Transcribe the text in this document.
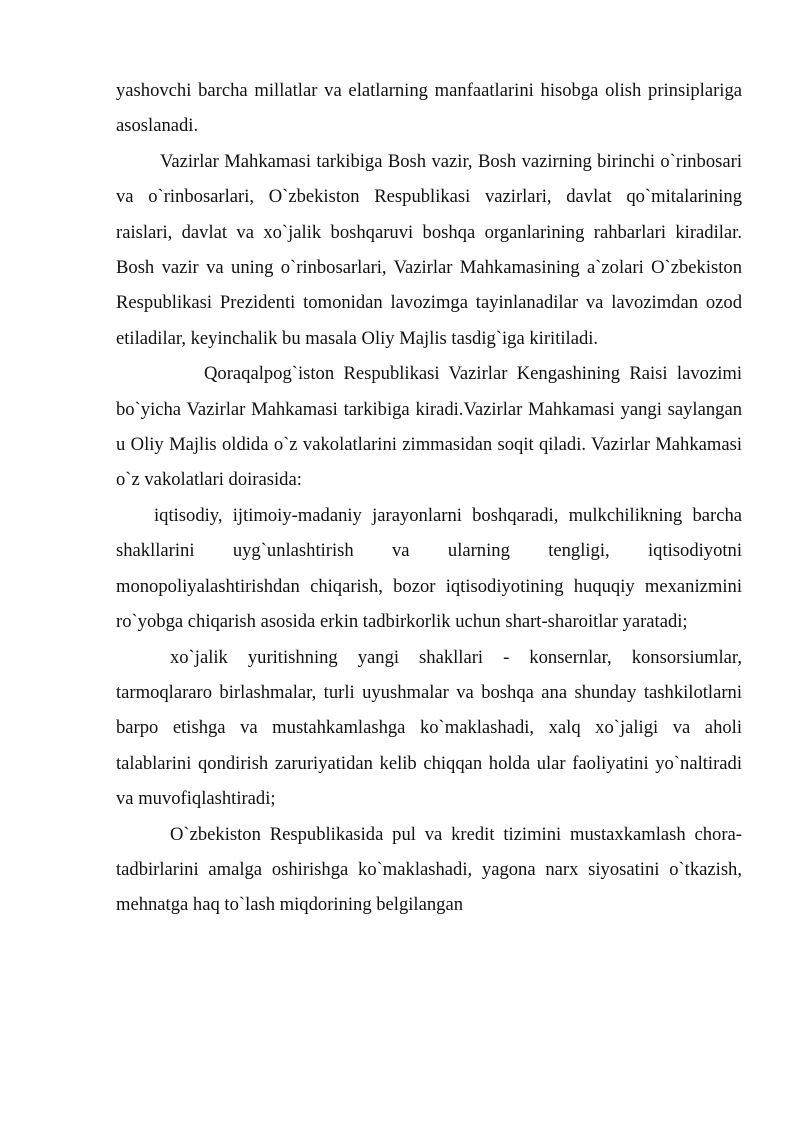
yashovchi barcha millatlar va elatlarning manfaatlarini hisobga olish prinsiplariga asoslanadi.

Vazirlar Mahkamasi tarkibiga Bosh vazir, Bosh vazirning birinchi o`rinbosari va o`rinbosarlari, O`zbekiston Respublikasi vazirlari, davlat qo`mitalarining raislari, davlat va xo`jalik boshqaruvi boshqa organlarining rahbarlari kiradilar. Bosh vazir va uning o`rinbosarlari, Vazirlar Mahkamasining a`zolari O`zbekiston Respublikasi Prezidenti tomonidan lavozimga tayinlanadilar va lavozimdan ozod etiladilar, keyinchalik bu masala Oliy Majlis tasdig`iga kiritiladi.

Qoraqalpog`iston Respublikasi Vazirlar Kengashining Raisi lavozimi bo`yicha Vazirlar Mahkamasi tarkibiga kiradi.Vazirlar Mahkamasi yangi saylangan u Oliy Majlis oldida o`z vakolatlarini zimmasidan soqit qiladi. Vazirlar Mahkamasi o`z vakolatlari doirasida:

iqtisodiy, ijtimoiy-madaniy jarayonlarni boshqaradi, mulkchilikning barcha shakllarini uyg`unlashtirish va ularning tengligi, iqtisodiyotni monopoliyalashtirishdan chiqarish, bozor iqtisodiyotining huquqiy mexanizmini ro`yobga chiqarish asosida erkin tadbirkorlik uchun shart-sharoitlar yaratadi;

xo`jalik yuritishning yangi shakllari - konsernlar, konsorsiumlar, tarmoqlararo birlashmalar, turli uyushmalar va boshqa ana shunday tashkilotlarni barpo etishga va mustahkamlashga ko`maklashadi, xalq xo`jaligi va aholi talablarini qondirish zaruriyatidan kelib chiqqan holda ular faoliyatini yo`naltiradi va muvofiqlashtiradi;

O`zbekiston Respublikasida pul va kredit tizimini mustaxkamlash chora-tadbirlarini amalga oshirishga ko`maklashadi, yagona narx siyosatini o`tkazish, mehnatga haq to`lash miqdorining belgilangan
